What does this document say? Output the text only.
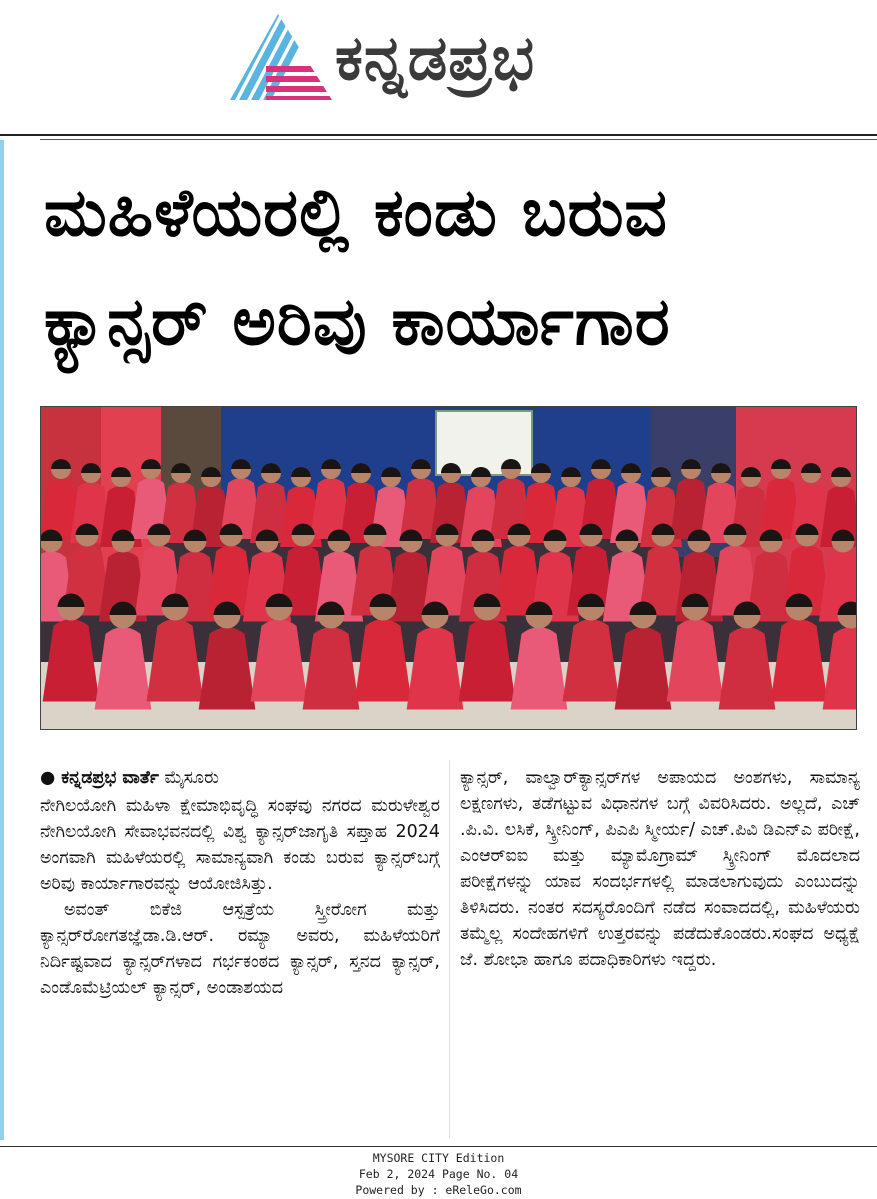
ಕನ್ನಡಪ್ರಭ
ಮಹಿಳೆಯರಲ್ಲಿ ಕಂಡು ಬರುವ
ಕ್ಯಾನ್ಸರ್ ಅರಿವು ಕಾರ್ಯಾಗಾರ
● ಕನ್ನಡಪ್ರಭ ವಾರ್ತೆ ಮೈಸೂರು

ನೇಗಿಲಯೋಗಿ ಮಹಿಳಾ ಕ್ಷೇಮಾಭಿವೃದ್ಧಿ ಸಂಘವು ನಗರದ ಮರುಳೇಶ್ವರ ನೇಗಿಲಯೋಗಿ ಸೇವಾಭವನದಲ್ಲಿ ವಿಶ್ವ ಕ್ಯಾನ್ಸರ್‌ಜಾಗೃತಿ ಸಪ್ತಾಹ 2024 ಅಂಗವಾಗಿ ಮಹಿಳೆಯರಲ್ಲಿ ಸಾಮಾನ್ಯವಾಗಿ ಕಂಡು ಬರುವ ಕ್ಯಾನ್ಸರ್‌ಬಗ್ಗೆ ಅರಿವು ಕಾರ್ಯಾಗಾರವನ್ನು ಆಯೋಜಿಸಿತ್ತು.

ಅವಂತ್ ಬಿಕೆಜಿ ಆಸ್ಪತ್ರೆಯ ಸ್ತ್ರೀರೋಗ ಮತ್ತು ಕ್ಯಾನ್ಸರ್‌ರೋಗತಜ್ಞೆಡಾ.ಡಿ.ಆರ್. ರಮ್ಯಾ ಅವರು, ಮಹಿಳೆಯರಿಗೆ ನಿರ್ದಿಷ್ಟವಾದ ಕ್ಯಾನ್ಸರ್‌ಗಳಾದ ಗರ್ಭಕಂಠದ ಕ್ಯಾನ್ಸರ್, ಸ್ತನದ ಕ್ಯಾನ್ಸರ್, ಎಂಡೊಮೆಟ್ರಿಯಲ್ ಕ್ಯಾನ್ಸರ್, ಅಂಡಾಶಯದ

ಕ್ಯಾನ್ಸರ್, ವಾಲ್ವಾರ್‌ಕ್ಯಾನ್ಸರ್‌ಗಳ ಅಪಾಯದ ಅಂಶಗಳು, ಸಾಮಾನ್ಯ ಲಕ್ಷಣಗಳು, ತಡೆಗಟ್ಟುವ ವಿಧಾನಗಳ ಬಗ್ಗೆ ವಿವರಿಸಿದರು. ಅಲ್ಲದೆ, ಎಚ್ .ಪಿ.ವಿ. ಲಸಿಕೆ, ಸ್ಕ್ರೀನಿಂಗ್, ಪಿಎಪಿ ಸ್ಮೀರ್ಯ/ ಎಚ್.ಪಿವಿ ಡಿಎನ್‌ಎ ಪರೀಕ್ಷೆ, ಎಂಆರ್‌ಐಐ ಮತ್ತು ಮ್ಯಾಮೊಗ್ರಾಮ್ ಸ್ಕ್ರೀನಿಂಗ್ ಮೊದಲಾದ ಪರೀಕ್ಷೆಗಳನ್ನು ಯಾವ ಸಂದರ್ಭಗಳಲ್ಲಿ ಮಾಡಲಾಗುವುದು ಎಂಬುದನ್ನು ತಿಳಿಸಿದರು. ನಂತರ ಸದಸ್ಯರೊಂದಿಗೆ ನಡೆದ ಸಂವಾದದಲ್ಲಿ, ಮಹಿಳೆಯರು ತಮ್ಮೆಲ್ಲ ಸಂದೇಹಗಳಿಗೆ ಉತ್ತರವನ್ನು ಪಡೆದುಕೊಂಡರು.ಸಂಘದ ಅಧ್ಯಕ್ಷೆ ಜೆ. ಶೋಭಾ ಹಾಗೂ ಪದಾಧಿಕಾರಿಗಳು ಇದ್ದರು.

MYSORE CITY Edition
Feb 2, 2024 Page No. 04
Powered by : eReleGo.com
